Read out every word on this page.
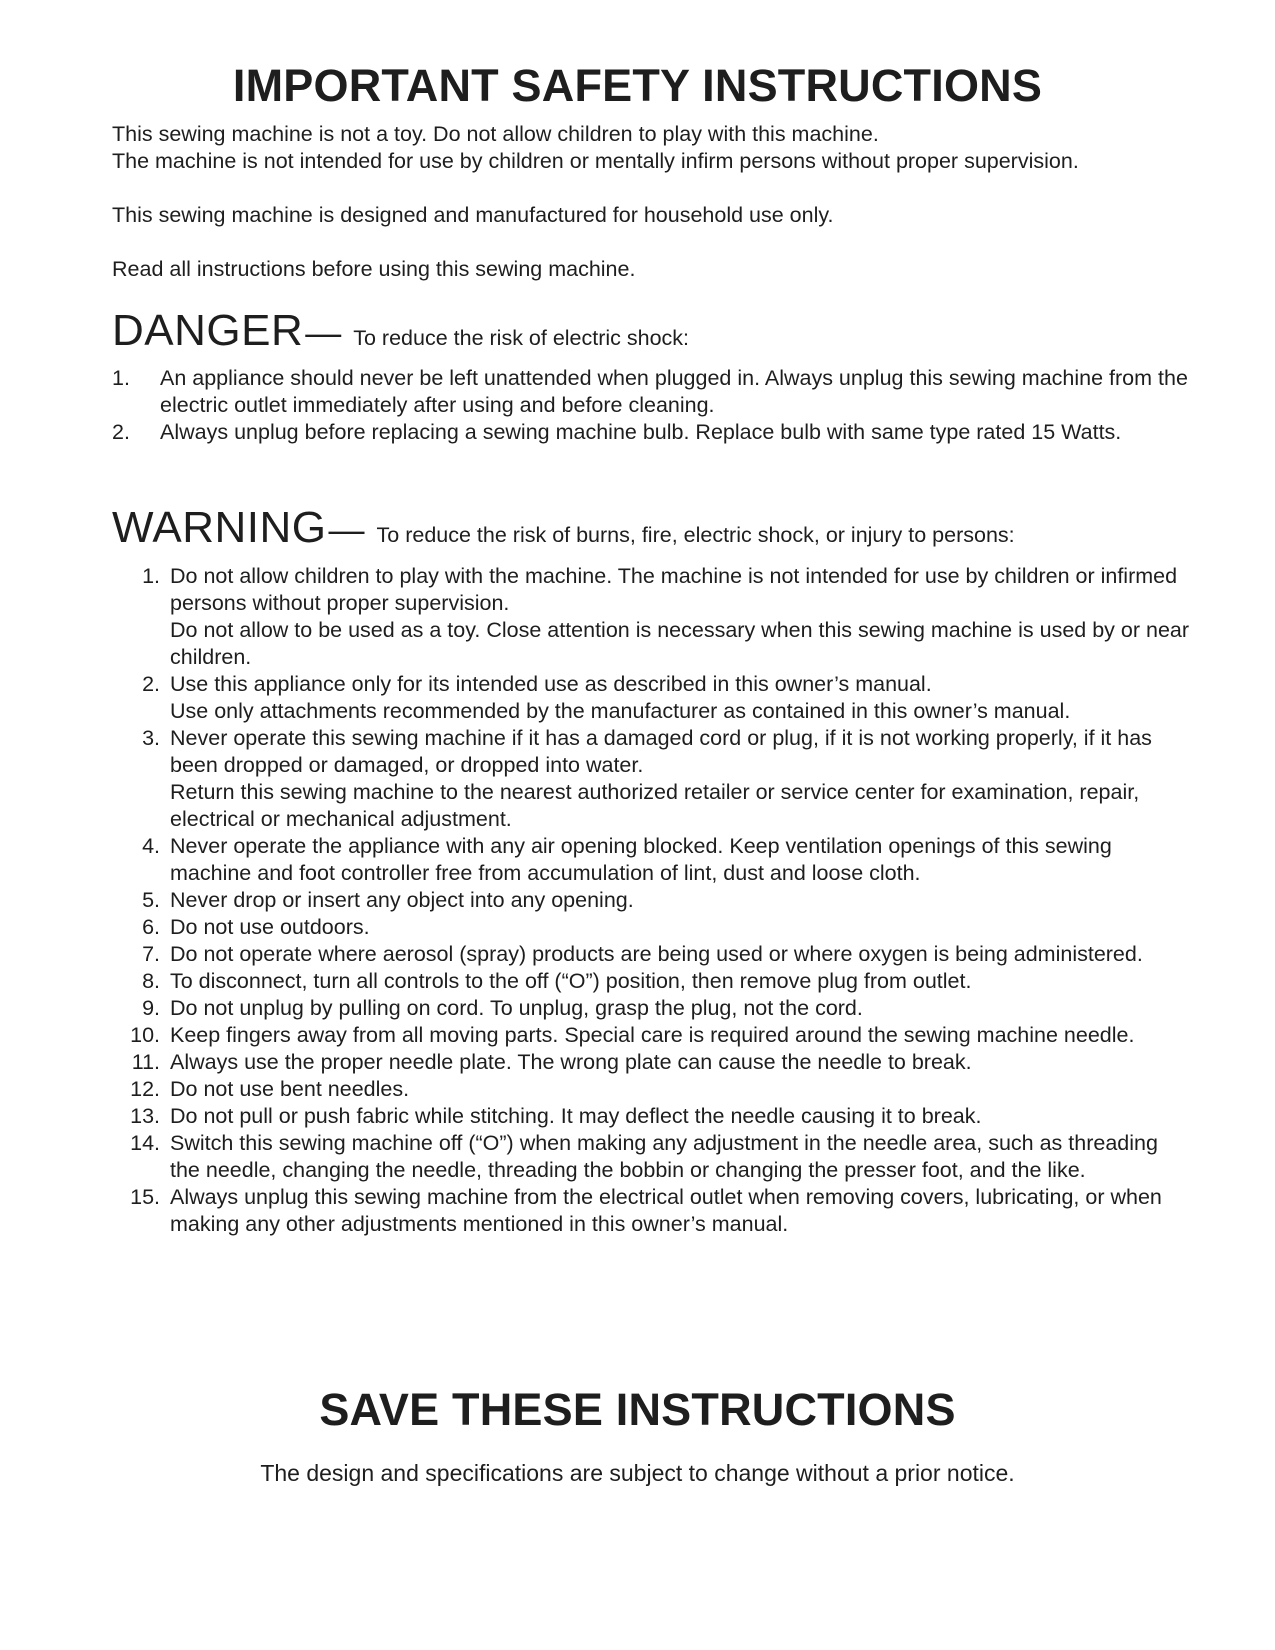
IMPORTANT SAFETY INSTRUCTIONS
This sewing machine is not a toy. Do not allow children to play with this machine.
The machine is not intended for use by children or mentally infirm persons without proper supervision.
This sewing machine is designed and manufactured for household use only.
Read all instructions before using this sewing machine.
DANGER— To reduce the risk of electric shock:
1.	An appliance should never be left unattended when plugged in. Always unplug this sewing machine from the electric outlet immediately after using and before cleaning.
2.	Always unplug before replacing a sewing machine bulb. Replace bulb with same type rated 15 Watts.
WARNING— To reduce the risk of burns, fire, electric shock, or injury to persons:
1. Do not allow children to play with the machine. The machine is not intended for use by children or infirmed persons without proper supervision.
Do not allow to be used as a toy. Close attention is necessary when this sewing machine is used by or near children.
2. Use this appliance only for its intended use as described in this owner’s manual.
Use only attachments recommended by the manufacturer as contained in this owner’s manual.
3. Never operate this sewing machine if it has a damaged cord or plug, if it is not working properly, if it has been dropped or damaged, or dropped into water.
Return this sewing machine to the nearest authorized retailer or service center for examination, repair, electrical or mechanical adjustment.
4. Never operate the appliance with any air opening blocked. Keep ventilation openings of this sewing machine and foot controller free from accumulation of lint, dust and loose cloth.
5. Never drop or insert any object into any opening.
6. Do not use outdoors.
7. Do not operate where aerosol (spray) products are being used or where oxygen is being administered.
8. To disconnect, turn all controls to the off (“O”) position, then remove plug from outlet.
9. Do not unplug by pulling on cord. To unplug, grasp the plug, not the cord.
10. Keep fingers away from all moving parts. Special care is required around the sewing machine needle.
11. Always use the proper needle plate. The wrong plate can cause the needle to break.
12. Do not use bent needles.
13. Do not pull or push fabric while stitching. It may deflect the needle causing it to break.
14. Switch this sewing machine off (“O”) when making any adjustment in the needle area, such as threading the needle, changing the needle, threading the bobbin or changing the presser foot, and the like.
15. Always unplug this sewing machine from the electrical outlet when removing covers, lubricating, or when making any other adjustments mentioned in this owner’s manual.
SAVE THESE INSTRUCTIONS
The design and specifications are subject to change without a prior notice.
